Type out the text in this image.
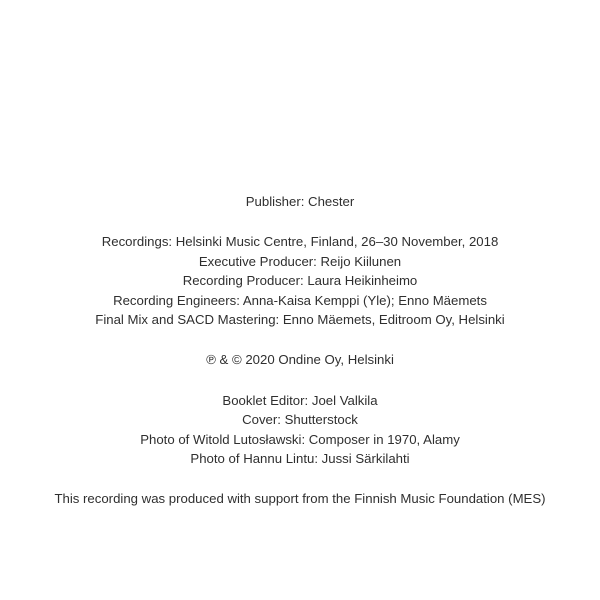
Publisher: Chester
Recordings: Helsinki Music Centre, Finland, 26–30 November, 2018
Executive Producer: Reijo Kiilunen
Recording Producer: Laura Heikinheimo
Recording Engineers: Anna-Kaisa Kemppi (Yle); Enno Mäemets
Final Mix and SACD Mastering: Enno Mäemets, Editroom Oy, Helsinki
℗ & © 2020 Ondine Oy, Helsinki
Booklet Editor: Joel Valkila
Cover: Shutterstock
Photo of Witold Lutosławski: Composer in 1970, Alamy
Photo of Hannu Lintu: Jussi Särkilahti
This recording was produced with support from the Finnish Music Foundation (MES)
